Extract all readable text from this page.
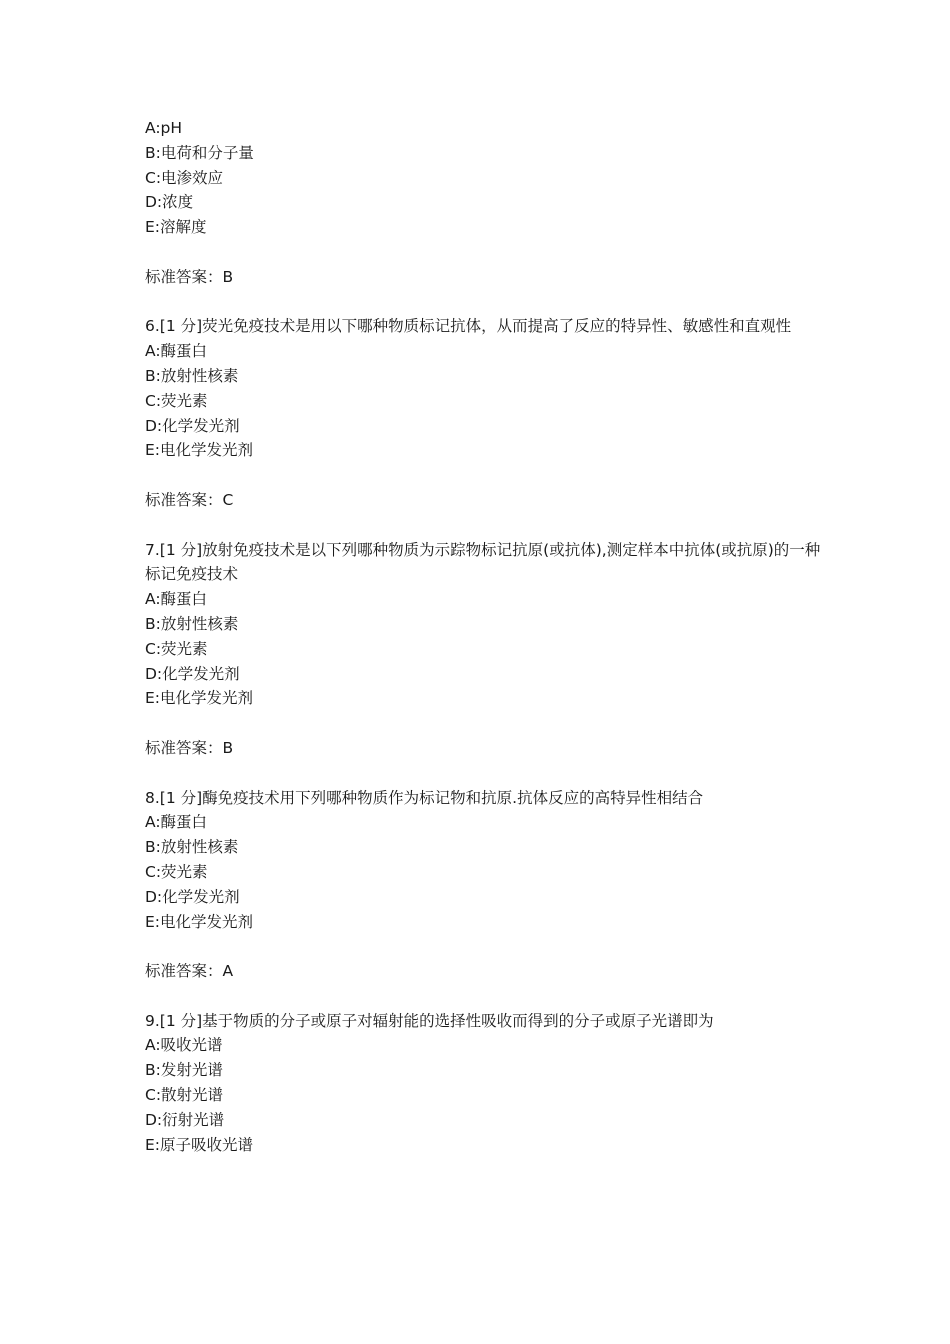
A:pH
B:电荷和分子量
C:电渗效应
D:浓度
E:溶解度
标准答案：B
6.[1 分]荧光免疫技术是用以下哪种物质标记抗体，从而提高了反应的特异性、敏感性和直观性
A:酶蛋白
B:放射性核素
C:荧光素
D:化学发光剂
E:电化学发光剂
标准答案：C
7.[1 分]放射免疫技术是以下列哪种物质为示踪物标记抗原(或抗体),测定样本中抗体(或抗原)的一种标记免疫技术
A:酶蛋白
B:放射性核素
C:荧光素
D:化学发光剂
E:电化学发光剂
标准答案：B
8.[1 分]酶免疫技术用下列哪种物质作为标记物和抗原.抗体反应的高特异性相结合
A:酶蛋白
B:放射性核素
C:荧光素
D:化学发光剂
E:电化学发光剂
标准答案：A
9.[1 分]基于物质的分子或原子对辐射能的选择性吸收而得到的分子或原子光谱即为
A:吸收光谱
B:发射光谱
C:散射光谱
D:衍射光谱
E:原子吸收光谱
